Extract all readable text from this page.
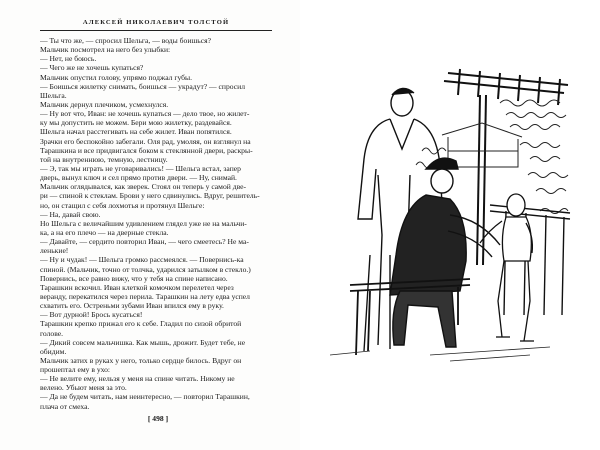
АЛЕКСЕЙ НИКОЛАЕВИЧ ТОЛСТОЙ
— Ты что же, — спросил Шельга, — воды боишься?
Мальчик посмотрел на него без улыбки:
— Нет, не боюсь.
— Чего же не хочешь купаться?
Мальчик опустил голову, упрямо поджал губы.
— Боишься жилетку снимать, боишься — украдут? — спросил
Шельга.
Мальчик дернул плечиком, усмехнулся.
— Ну вот что, Иван: не хочешь купаться — дело твое, но жилет-
ку мы допустить не можем. Бери мою жилетку, раздевайся.
Шельга начал расстегивать на себе жилет. Иван попятился.
Зрачки его беспокойно забегали. Оля рад, умоляя, он взглянул на
Тарашкина и все придвигался боком к стеклянной двери, раскры-
той на внутреннюю, темную, лестницу.
— Э, так мы играть не уговаривались! — Шельга встал, запер
дверь, вынул ключ и сел прямо против двери. — Ну, снимай.
Мальчик оглядывался, как зверек. Стоял он теперь у самой две-
ри — спиной к стеклам. Брови у него сдвинулись. Вдруг, решитель-
но, он стащил с себя лохмотья и протянул Шельге:
— На, давай свою.
Но Шельга с величайшим удивлением глядел уже не на мальчи-
ка, а на его плечо — на дверные стекла.
— Давайте, — сердито повторил Иван, — чего смеетесь? Не ма-
ленькие!
— Ну и чудак! — Шельга громко рассмеялся. — Повернись-ка
спиной. (Мальчик, точно от толчка, ударился затылком в стекло.)
Повернись, все равно вижу, что у тебя на спине написано.
Тарашкин вскочил. Иван клеткой комочком перелетел через
веранду, перекатился через перила. Тарашкин на лету едва успел
схватить его. Остреньми зубами Иван впился ему в руку.
— Вот дурной! Брось кусаться!
Тарашкин крепко прижал его к себе. Гладил по сизой обритой
голове.
— Дикий совсем мальчишка. Как мышь, дрожит. Будет тебе, не
обидим.
Мальчик затих в руках у него, только сердце билось. Вдруг он
прошептал ему в ухо:
— Не велите ему, нельзя у меня на спине читать. Никому не
велено. Убьют меня за это.
— Да не будем читать, нам неинтересно, — повторил Тарашкин,
плача от смеха.
[ 498 ]
